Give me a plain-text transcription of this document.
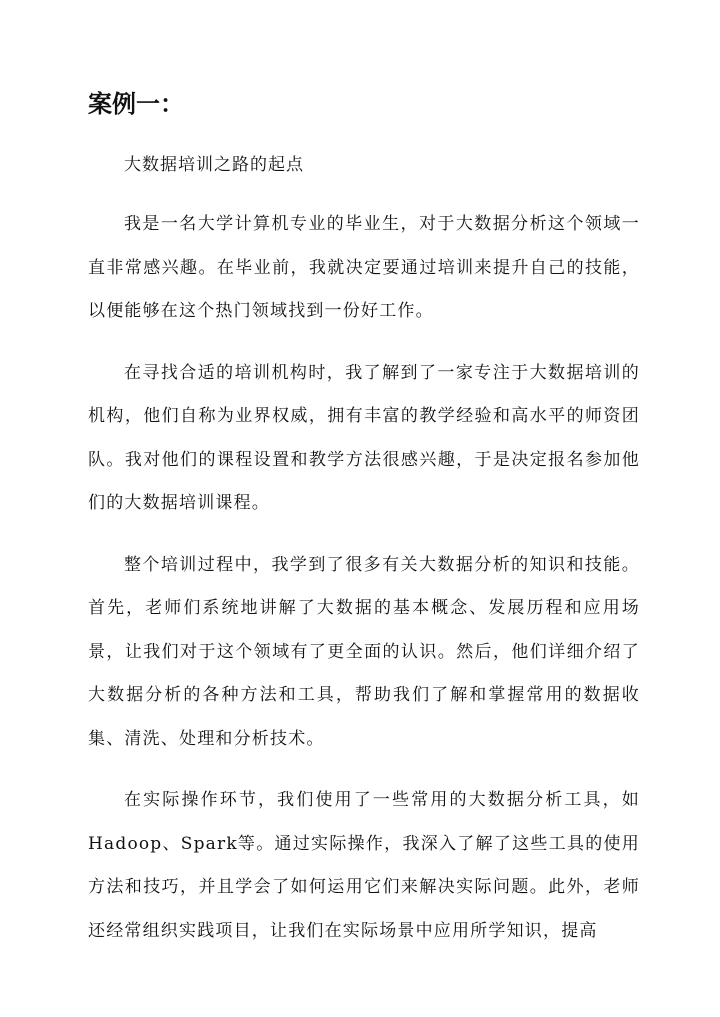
案例一：

大数据培训之路的起点

我是一名大学计算机专业的毕业生，对于大数据分析这个领域一直非常感兴趣。在毕业前，我就决定要通过培训来提升自己的技能，以便能够在这个热门领域找到一份好工作。

在寻找合适的培训机构时，我了解到了一家专注于大数据培训的机构，他们自称为业界权威，拥有丰富的教学经验和高水平的师资团队。我对他们的课程设置和教学方法很感兴趣，于是决定报名参加他们的大数据培训课程。

整个培训过程中，我学到了很多有关大数据分析的知识和技能。首先，老师们系统地讲解了大数据的基本概念、发展历程和应用场景，让我们对于这个领域有了更全面的认识。然后，他们详细介绍了大数据分析的各种方法和工具，帮助我们了解和掌握常用的数据收集、清洗、处理和分析技术。

在实际操作环节，我们使用了一些常用的大数据分析工具，如Hadoop、Spark等。通过实际操作，我深入了解了这些工具的使用方法和技巧，并且学会了如何运用它们来解决实际问题。此外，老师还经常组织实践项目，让我们在实际场景中应用所学知识，提高
